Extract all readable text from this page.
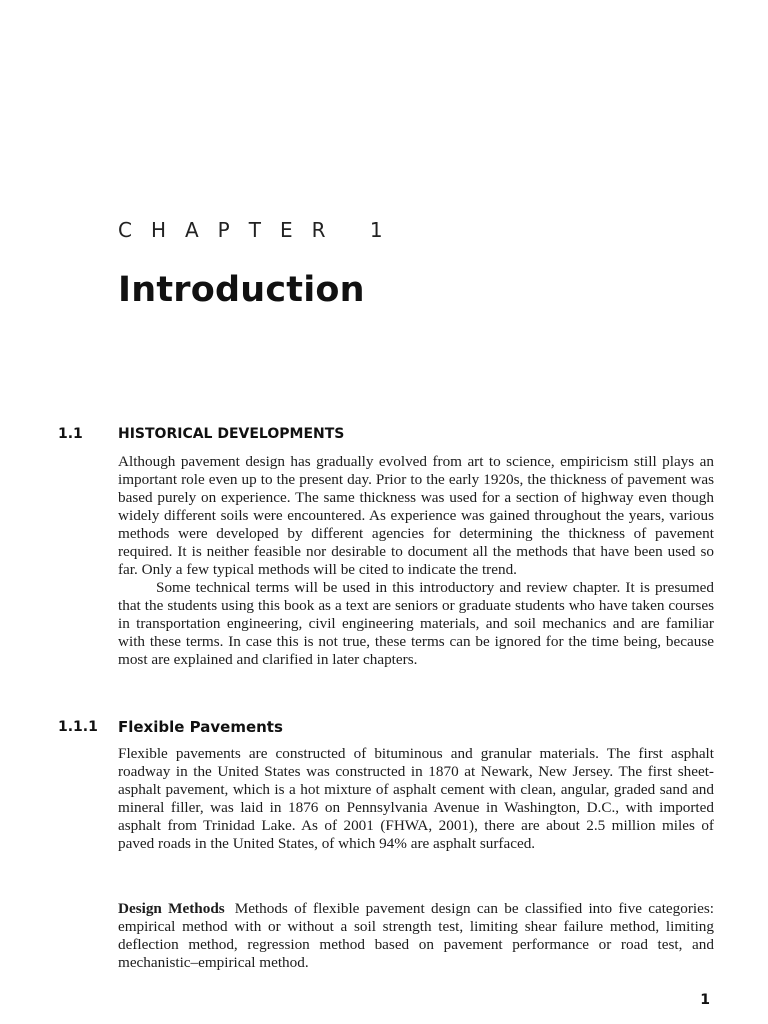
CHAPTER 1
Introduction
1.1	HISTORICAL DEVELOPMENTS

Although pavement design has gradually evolved from art to science, empiricism still plays an important role even up to the present day. Prior to the early 1920s, the thickness of pavement was based purely on experience. The same thickness was used for a section of highway even though widely different soils were encountered. As experience was gained throughout the years, various methods were developed by different agencies for determining the thickness of pavement required. It is neither feasible nor desirable to document all the methods that have been used so far. Only a few typical methods will be cited to indicate the trend.

Some technical terms will be used in this introductory and review chapter. It is presumed that the students using this book as a text are seniors or graduate students who have taken courses in transportation engineering, civil engineering materials, and soil mechanics and are familiar with these terms. In case this is not true, these terms can be ignored for the time being, because most are explained and clarified in later chapters.

1.1.1 Flexible Pavements

Flexible pavements are constructed of bituminous and granular materials. The first asphalt roadway in the United States was constructed in 1870 at Newark, New Jersey. The first sheet-asphalt pavement, which is a hot mixture of asphalt cement with clean, angular, graded sand and mineral filler, was laid in 1876 on Pennsylvania Avenue in Washington, D.C., with imported asphalt from Trinidad Lake. As of 2001 (FHWA, 2001), there are about 2.5 million miles of paved roads in the United States, of which 94% are asphalt surfaced.

Design Methods Methods of flexible pavement design can be classified into five categories: empirical method with or without a soil strength test, limiting shear failure method, limiting deflection method, regression method based on pavement performance or road test, and mechanistic–empirical method.

1
